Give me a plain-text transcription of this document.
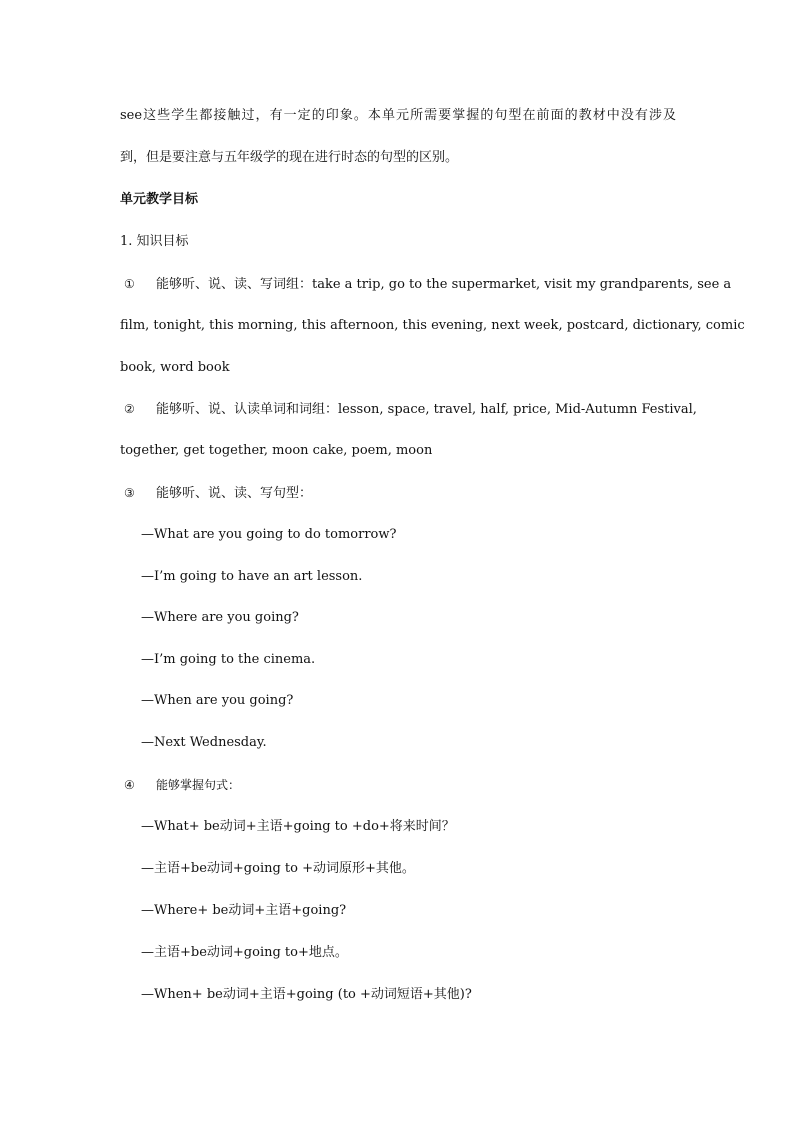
see这些学生都接触过，有一定的印象。本单元所需要掌握的句型在前面的教材中没有涉及
到，但是要注意与五年级学的现在进行时态的句型的区别。
单元教学目标
1. 知识目标
① 能够听、说、读、写词组：take a trip, go to the supermarket, visit my grandparents, see a
film, tonight, this morning, this afternoon, this evening, next week, postcard, dictionary, comic
book, word book
② 能够听、说、认读单词和词组：lesson, space, travel, half, price, Mid-Autumn Festival,
together, get together, moon cake, poem, moon
③ 能够听、说、读、写句型：
—What are you going to do tomorrow?
—I’m going to have an art lesson.
—Where are you going?
—I’m going to the cinema.
—When are you going?
—Next Wednesday.
④ 能够掌握句式：
—What+ be动词+主语+going to +do+将来时间？
—主语+be动词+going to +动词原形+其他。
—Where+ be动词+主语+going?
—主语+be动词+going to+地点。
—When+ be动词+主语+going (to +动词短语+其他)?
